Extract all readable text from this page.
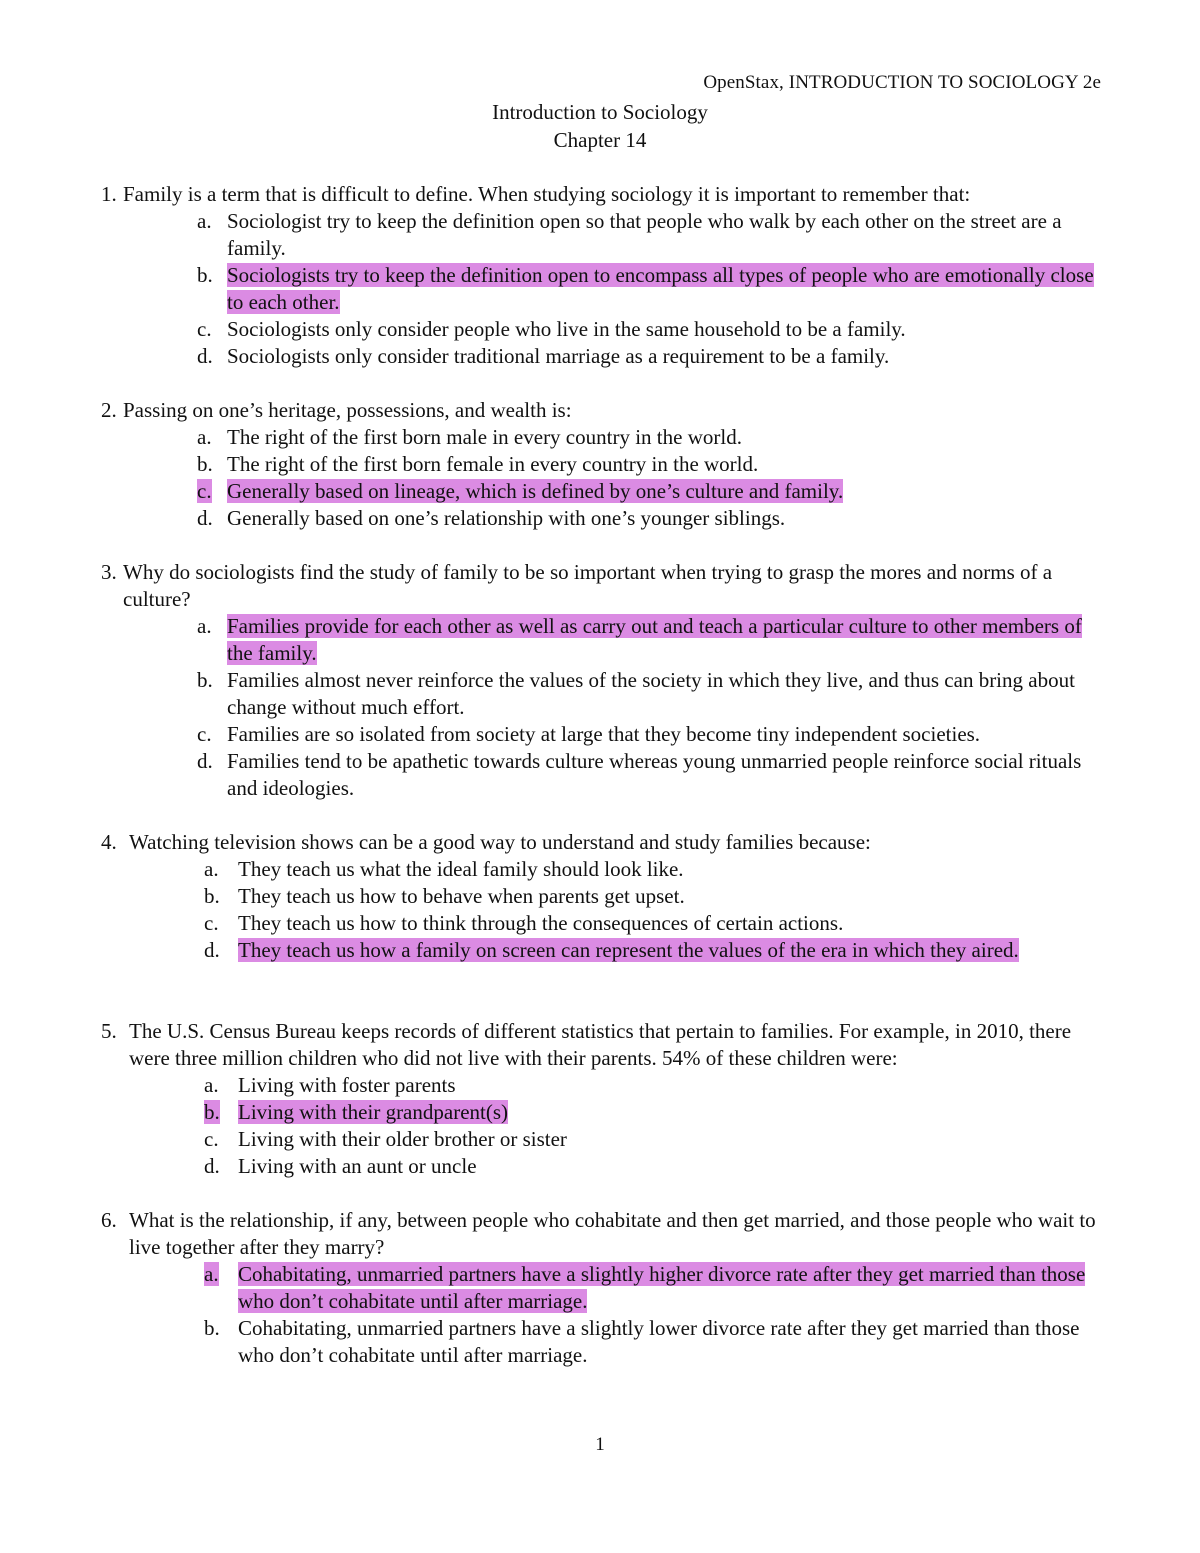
OpenStax, INTRODUCTION TO SOCIOLOGY 2e
Introduction to Sociology
Chapter 14
1. Family is a term that is difficult to define. When studying sociology it is important to remember that:
a. Sociologist try to keep the definition open so that people who walk by each other on the street are a family.
b. Sociologists try to keep the definition open to encompass all types of people who are emotionally close to each other.
c. Sociologists only consider people who live in the same household to be a family.
d. Sociologists only consider traditional marriage as a requirement to be a family.
2. Passing on one’s heritage, possessions, and wealth is:
a. The right of the first born male in every country in the world.
b. The right of the first born female in every country in the world.
c. Generally based on lineage, which is defined by one’s culture and family.
d. Generally based on one’s relationship with one’s younger siblings.
3. Why do sociologists find the study of family to be so important when trying to grasp the mores and norms of a culture?
a. Families provide for each other as well as carry out and teach a particular culture to other members of the family.
b. Families almost never reinforce the values of the society in which they live, and thus can bring about change without much effort.
c. Families are so isolated from society at large that they become tiny independent societies.
d. Families tend to be apathetic towards culture whereas young unmarried people reinforce social rituals and ideologies.
4. Watching television shows can be a good way to understand and study families because:
a. They teach us what the ideal family should look like.
b. They teach us how to behave when parents get upset.
c. They teach us how to think through the consequences of certain actions.
d. They teach us how a family on screen can represent the values of the era in which they aired.
5. The U.S. Census Bureau keeps records of different statistics that pertain to families. For example, in 2010, there were three million children who did not live with their parents. 54% of these children were:
a. Living with foster parents
b. Living with their grandparent(s)
c. Living with their older brother or sister
d. Living with an aunt or uncle
6. What is the relationship, if any, between people who cohabitate and then get married, and those people who wait to live together after they marry?
a. Cohabitating, unmarried partners have a slightly higher divorce rate after they get married than those who don’t cohabitate until after marriage.
b. Cohabitating, unmarried partners have a slightly lower divorce rate after they get married than those who don’t cohabitate until after marriage.
1
